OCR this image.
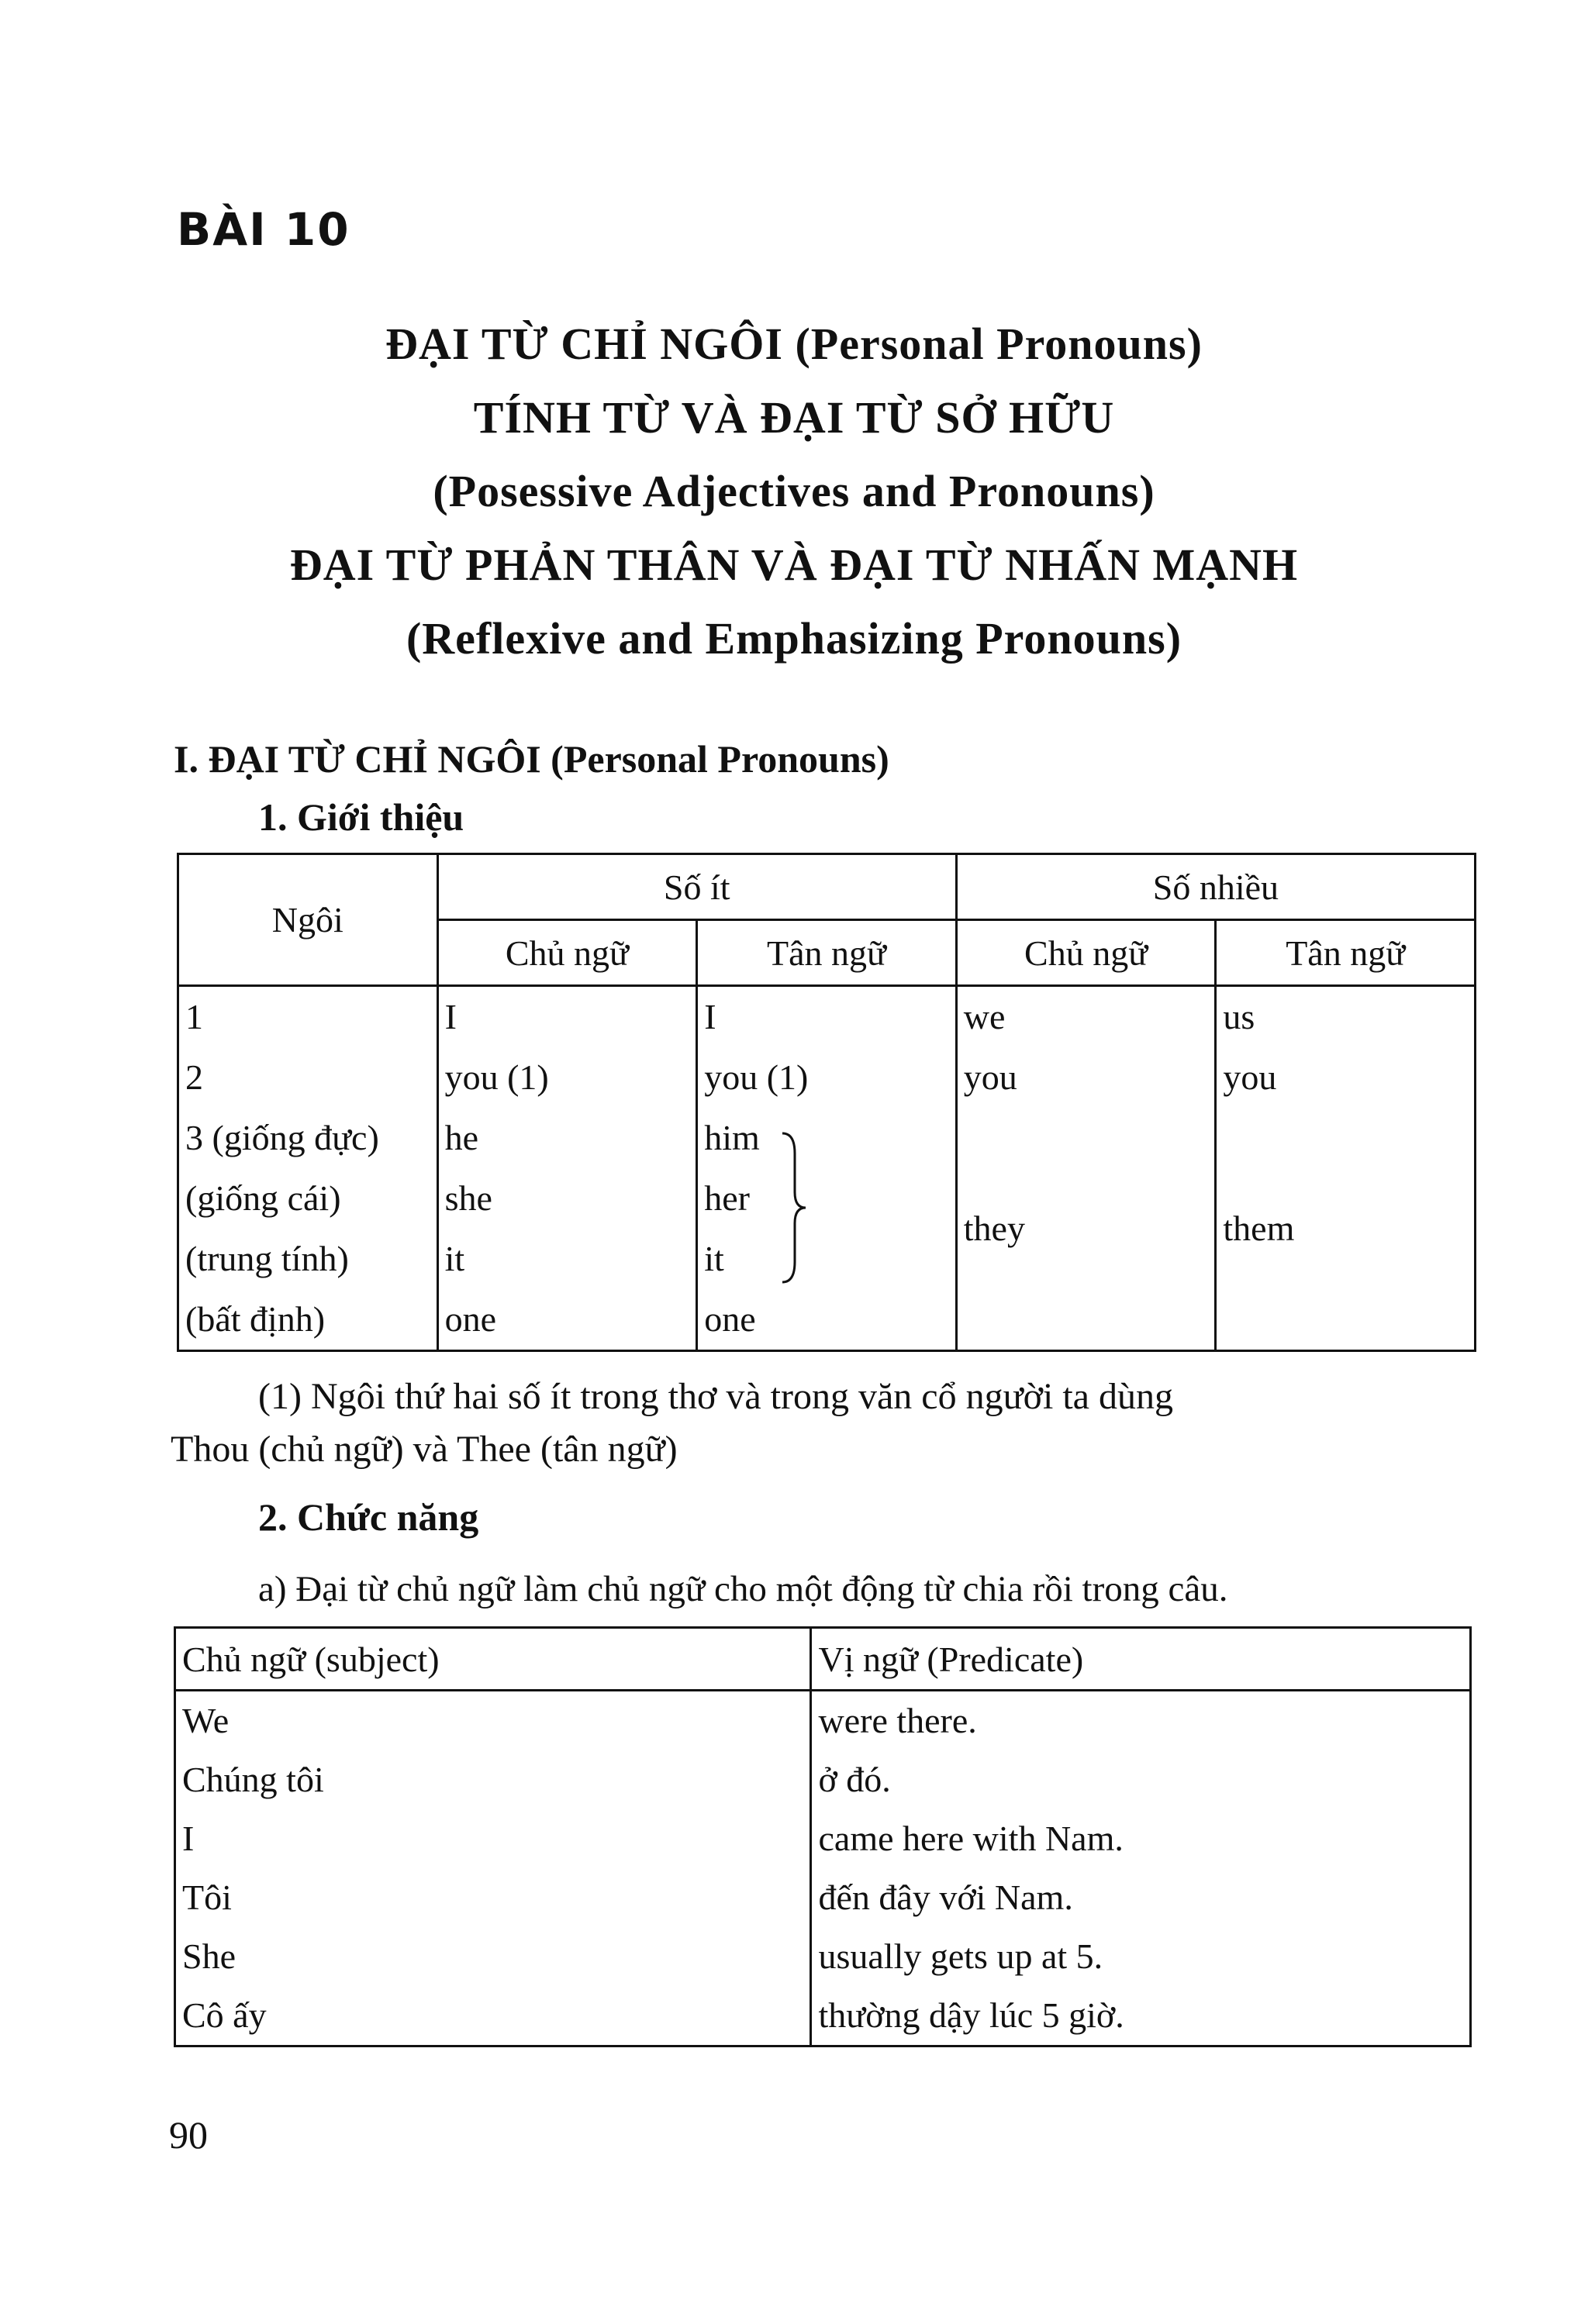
BÀI 10
ĐẠI TỪ CHỈ NGÔI (Personal Pronouns)
TÍNH TỪ VÀ ĐẠI TỪ SỞ HỮU
(Posessive Adjectives and Pronouns)
ĐẠI TỪ PHẢN THÂN VÀ ĐẠI TỪ NHẤN MẠNH
(Reflexive and Emphasizing Pronouns)
I. ĐẠI TỪ CHỈ NGÔI (Personal Pronouns)
1. Giới thiệu
Ngôi	Số ít		Số nhiều	
	Chủ ngữ	Tân ngữ	Chủ ngữ	Tân ngữ
1	I	I	we	us
2	you (1)	you (1)	you	you
3 (giống đực)	he	him	they	them
(giống cái)	she	her		
(trung tính)	it	it		
(bất định)	one	one		
(1) Ngôi thứ hai số ít trong thơ và trong văn cổ người ta dùng
Thou (chủ ngữ) và Thee (tân ngữ)
2. Chức năng
a) Đại từ chủ ngữ làm chủ ngữ cho một động từ chia rồi trong câu.
Chủ ngữ (subject)	Vị ngữ (Predicate)
We	were there.
Chúng tôi	ở đó.
I	came here with Nam.
Tôi	đến đây với Nam.
She	usually gets up at 5.
Cô ấy	thường dậy lúc 5 giờ.
90
